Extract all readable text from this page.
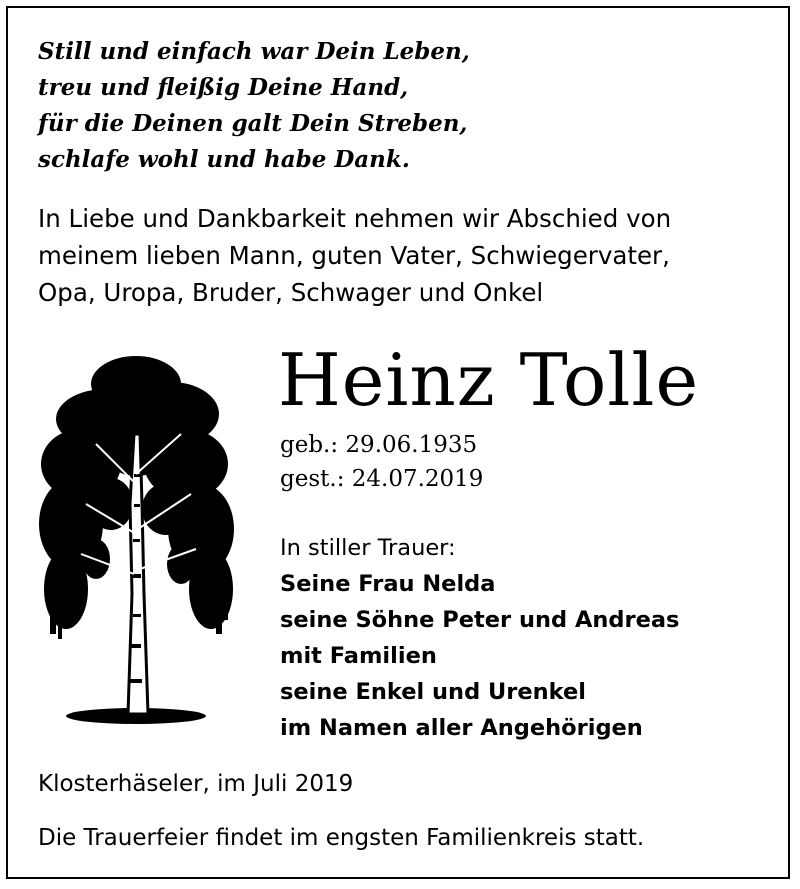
Still und einfach war Dein Leben,
treu und fleißig Deine Hand,
für die Deinen galt Dein Streben,
schlafe wohl und habe Dank.
In Liebe und Dankbarkeit nehmen wir Abschied von
meinem lieben Mann, guten Vater, Schwiegervater,
Opa, Uropa, Bruder, Schwager und Onkel
Heinz Tolle
geb.: 29.06.1935
gest.: 24.07.2019
In stiller Trauer:
Seine Frau Nelda
seine Söhne Peter und Andreas
mit Familien
seine Enkel und Urenkel
im Namen aller Angehörigen
Klosterhäseler, im Juli 2019
Die Trauerfeier findet im engsten Familienkreis statt.
